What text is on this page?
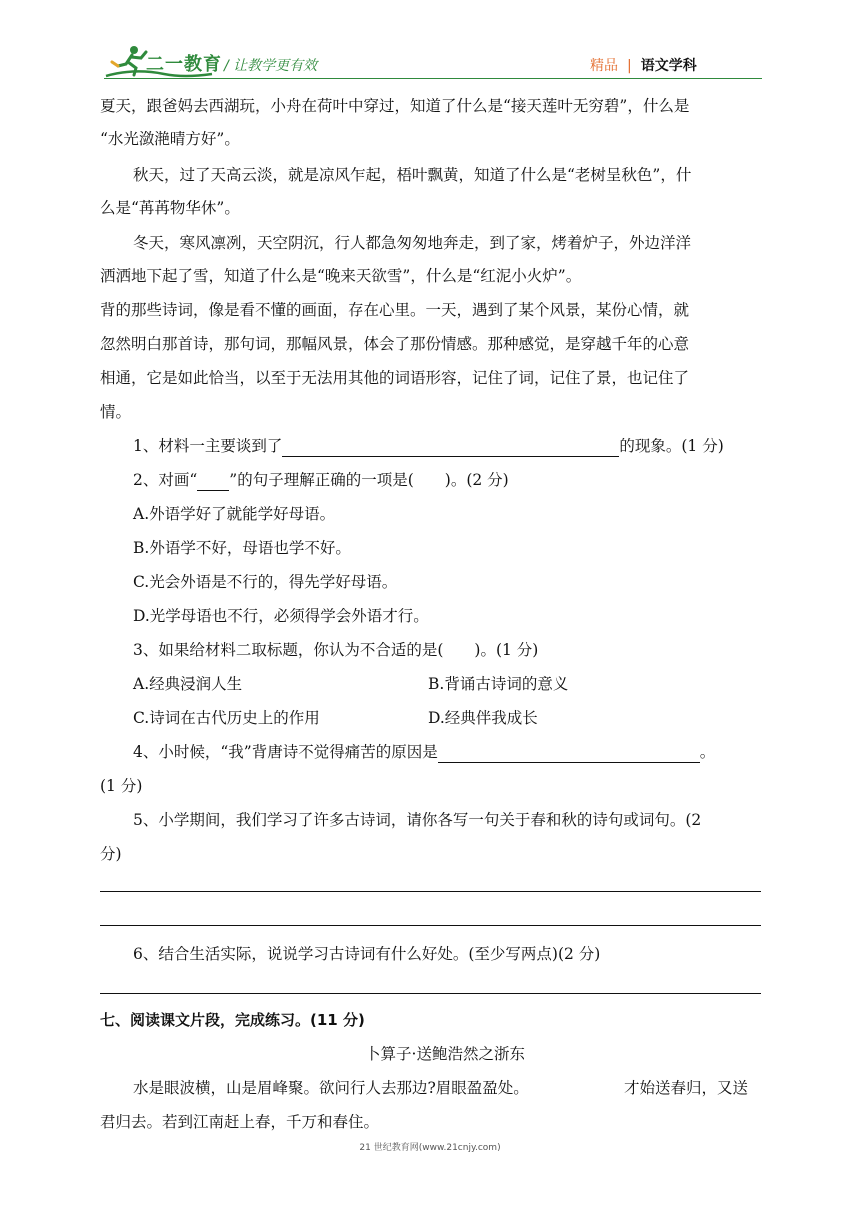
二一教育 / 让教学更有效	精品 | 语文学科
夏天，跟爸妈去西湖玩，小舟在荷叶中穿过，知道了什么是“接天莲叶无穷碧”，什么是
“水光潋滟晴方好”。
秋天，过了天高云淡，就是凉风乍起，梧叶飘黄，知道了什么是“老树呈秋色”，什
么是“苒苒物华休”。
冬天，寒风凛冽，天空阴沉，行人都急匆匆地奔走，到了家，烤着炉子，外边洋洋
洒洒地下起了雪，知道了什么是“晚来天欲雪”，什么是“红泥小火炉”。
背的那些诗词，像是看不懂的画面，存在心里。一天，遇到了某个风景，某份心情，就
忽然明白那首诗，那句词，那幅风景，体会了那份情感。那种感觉，是穿越千年的心意
相通，它是如此恰当，以至于无法用其他的词语形容，记住了词，记住了景，也记住了
情。
1、材料一主要谈到了	的现象。(1 分)
2、对画“ ”的句子理解正确的一项是(　　)。(2 分)
A.外语学好了就能学好母语。
B.外语学不好，母语也学不好。
C.光会外语是不行的，得先学好母语。
D.光学母语也不行，必须得学会外语才行。
3、如果给材料二取标题，你认为不合适的是(　　)。(1 分)
A.经典浸润人生	B.背诵古诗词的意义
C.诗词在古代历史上的作用	D.经典伴我成长
4、小时候，“我”背唐诗不觉得痛苦的原因是	。
(1 分)
5、小学期间，我们学习了许多古诗词，请你各写一句关于春和秋的诗句或词句。(2
分)
6、结合生活实际，说说学习古诗词有什么好处。(至少写两点)(2 分)
七、阅读课文片段，完成练习。(11 分)
卜算子·送鲍浩然之浙东
水是眼波横，山是眉峰聚。欲问行人去那边?眉眼盈盈处。	才始送春归，又送
君归去。若到江南赶上春，千万和春住。
21 世纪教育网(www.21cnjy.com)
